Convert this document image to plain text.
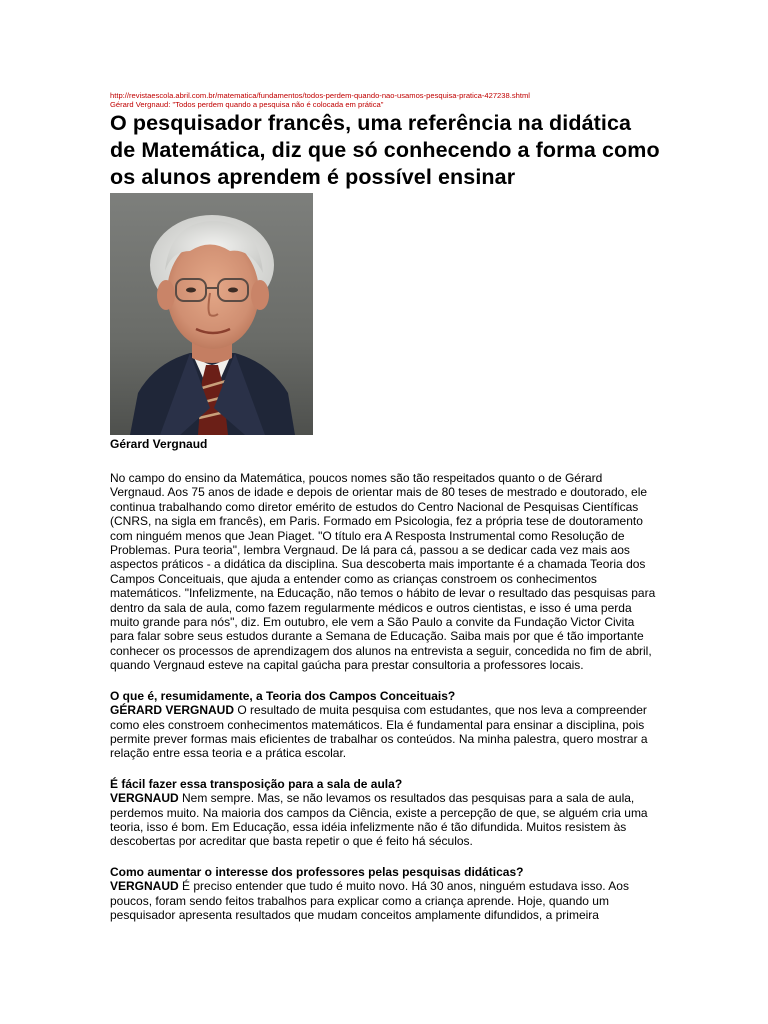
http://revistaescola.abril.com.br/matematica/fundamentos/todos-perdem-quando-nao-usamos-pesquisa-pratica-427238.shtml
Gérard Vergnaud: "Todos perdem quando a pesquisa não é colocada em prática"
O pesquisador francês, uma referência na didática de Matemática, diz que só conhecendo a forma como os alunos aprendem é possível ensinar
Gérard Vergnaud

No campo do ensino da Matemática, poucos nomes são tão respeitados quanto o de Gérard Vergnaud. Aos 75 anos de idade e depois de orientar mais de 80 teses de mestrado e doutorado, ele continua trabalhando como diretor emérito de estudos do Centro Nacional de Pesquisas Científicas (CNRS, na sigla em francês), em Paris. Formado em Psicologia, fez a própria tese de doutoramento com ninguém menos que Jean Piaget. "O título era A Resposta Instrumental como Resolução de Problemas. Pura teoria", lembra Vergnaud. De lá para cá, passou a se dedicar cada vez mais aos aspectos práticos - a didática da disciplina. Sua descoberta mais importante é a chamada Teoria dos Campos Conceituais, que ajuda a entender como as crianças constroem os conhecimentos matemáticos. "Infelizmente, na Educação, não temos o hábito de levar o resultado das pesquisas para dentro da sala de aula, como fazem regularmente médicos e outros cientistas, e isso é uma perda muito grande para nós", diz. Em outubro, ele vem a São Paulo a convite da Fundação Victor Civita para falar sobre seus estudos durante a Semana de Educação. Saiba mais por que é tão importante conhecer os processos de aprendizagem dos alunos na entrevista a seguir, concedida no fim de abril, quando Vergnaud esteve na capital gaúcha para prestar consultoria a professores locais.

O que é, resumidamente, a Teoria dos Campos Conceituais?

GÉRARD VERGNAUD O resultado de muita pesquisa com estudantes, que nos leva a compreender como eles constroem conhecimentos matemáticos. Ela é fundamental para ensinar a disciplina, pois permite prever formas mais eficientes de trabalhar os conteúdos. Na minha palestra, quero mostrar a relação entre essa teoria e a prática escolar.

É fácil fazer essa transposição para a sala de aula?

VERGNAUD Nem sempre. Mas, se não levamos os resultados das pesquisas para a sala de aula, perdemos muito. Na maioria dos campos da Ciência, existe a percepção de que, se alguém cria uma teoria, isso é bom. Em Educação, essa idéia infelizmente não é tão difundida. Muitos resistem às descobertas por acreditar que basta repetir o que é feito há séculos.

Como aumentar o interesse dos professores pelas pesquisas didáticas?

VERGNAUD É preciso entender que tudo é muito novo. Há 30 anos, ninguém estudava isso. Aos poucos, foram sendo feitos trabalhos para explicar como a criança aprende. Hoje, quando um pesquisador apresenta resultados que mudam conceitos amplamente difundidos, a primeira
